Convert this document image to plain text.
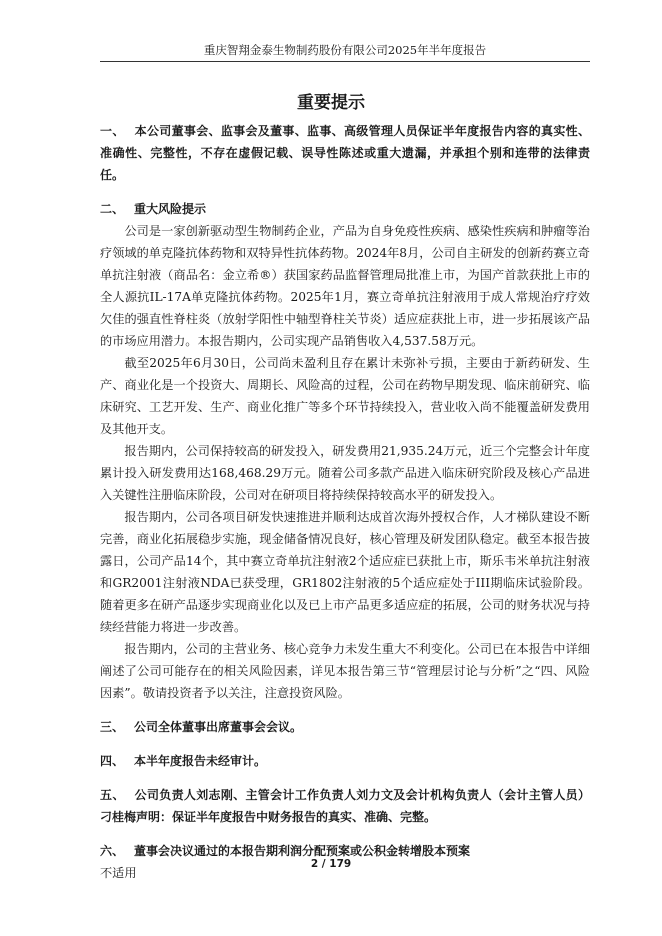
重庆智翔金泰生物制药股份有限公司2025年半年度报告
重要提示

一、 本公司董事会、监事会及董事、监事、高级管理人员保证半年度报告内容的真实性、准确性、完整性，不存在虚假记载、误导性陈述或重大遗漏，并承担个别和连带的法律责任。

二、 重大风险提示

公司是一家创新驱动型生物制药企业，产品为自身免疫性疾病、感染性疾病和肿瘤等治疗领域的单克隆抗体药物和双特异性抗体药物。2024年8月，公司自主研发的创新药赛立奇单抗注射液（商品名：金立希®）获国家药品监督管理局批准上市，为国产首款获批上市的全人源抗IL-17A单克隆抗体药物。2025年1月，赛立奇单抗注射液用于成人常规治疗疗效欠佳的强直性脊柱炎（放射学阳性中轴型脊柱关节炎）适应症获批上市，进一步拓展该产品的市场应用潜力。本报告期内，公司实现产品销售收入4,537.58万元。

截至2025年6月30日，公司尚未盈利且存在累计未弥补亏损，主要由于新药研发、生产、商业化是一个投资大、周期长、风险高的过程，公司在药物早期发现、临床前研究、临床研究、工艺开发、生产、商业化推广等多个环节持续投入，营业收入尚不能覆盖研发费用及其他开支。

报告期内，公司保持较高的研发投入，研发费用21,935.24万元，近三个完整会计年度累计投入研发费用达168,468.29万元。随着公司多款产品进入临床研究阶段及核心产品进入关键性注册临床阶段，公司对在研项目将持续保持较高水平的研发投入。

报告期内，公司各项目研发快速推进并顺利达成首次海外授权合作，人才梯队建设不断完善，商业化拓展稳步实施，现金储备情况良好，核心管理及研发团队稳定。截至本报告披露日，公司产品14个，其中赛立奇单抗注射液2个适应症已获批上市，斯乐韦米单抗注射液和GR2001注射液NDA已获受理，GR1802注射液的5个适应症处于III期临床试验阶段。随着更多在研产品逐步实现商业化以及已上市产品更多适应症的拓展，公司的财务状况与持续经营能力将进一步改善。

报告期内，公司的主营业务、核心竞争力未发生重大不利变化。公司已在本报告中详细阐述了公司可能存在的相关风险因素，详见本报告第三节“管理层讨论与分析”之“四、风险因素”。敬请投资者予以关注，注意投资风险。

三、 公司全体董事出席董事会会议。

四、 本半年度报告未经审计。

五、 公司负责人刘志刚、主管会计工作负责人刘力文及会计机构负责人（会计主管人员）刁桂梅声明：保证半年度报告中财务报告的真实、准确、完整。

六、 董事会决议通过的本报告期利润分配预案或公积金转增股本预案

不适用

2 / 179
